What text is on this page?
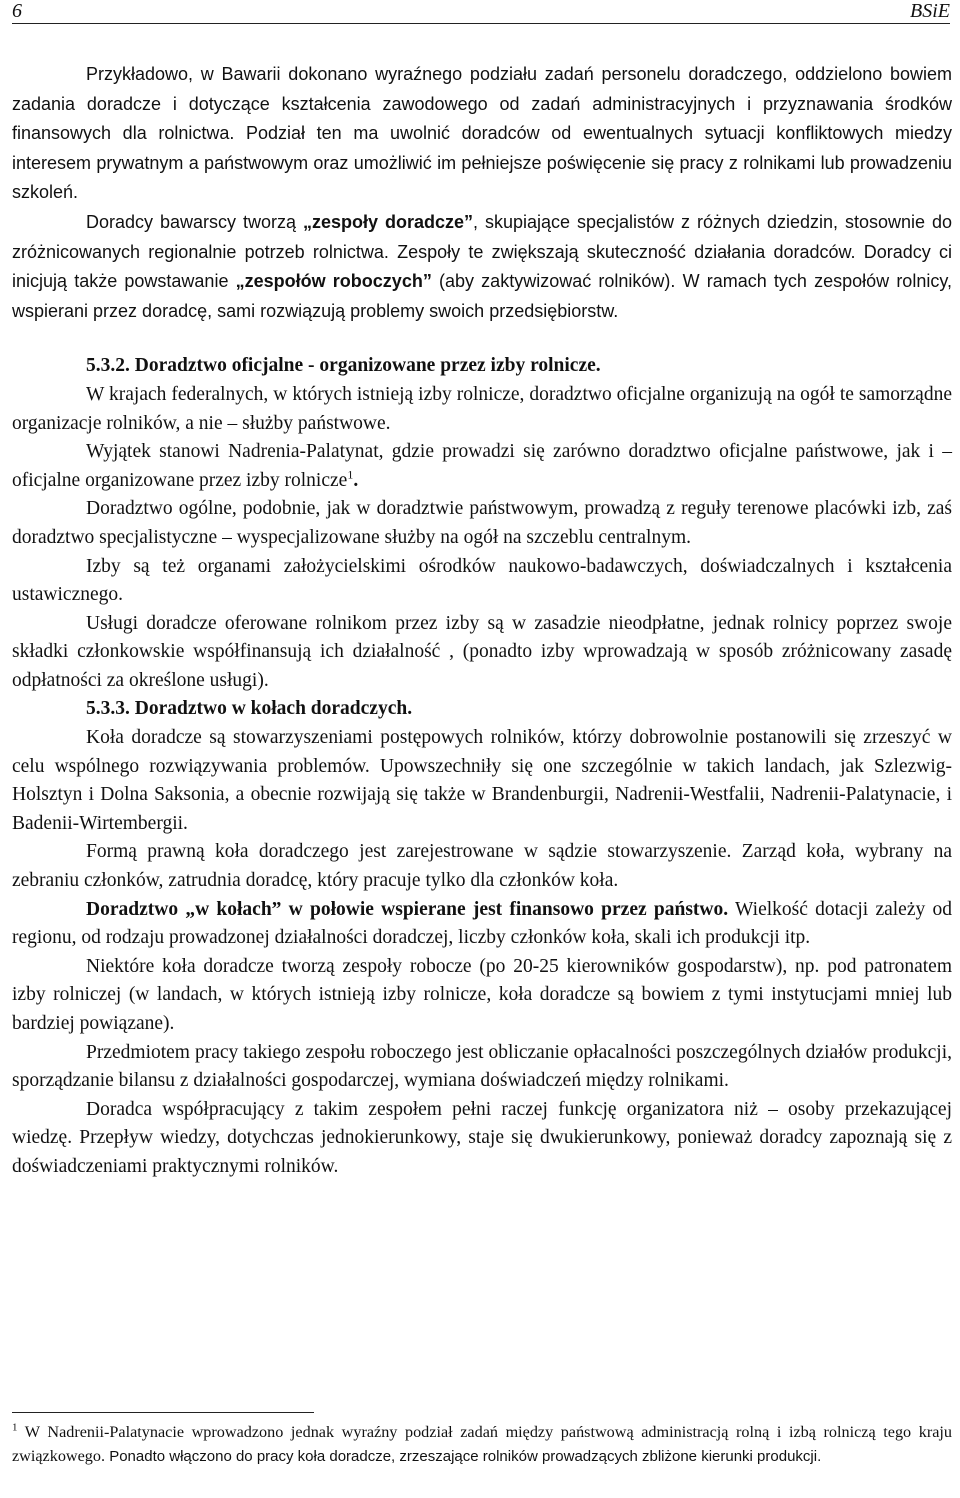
6	BSiE

Przykładowo, w Bawarii dokonano wyraźnego podziału zadań personelu doradczego, oddzielono bowiem zadania doradcze i dotyczące kształcenia zawodowego od zadań administracyjnych i przyznawania środków finansowych dla rolnictwa. Podział ten ma uwolnić doradców od ewentualnych sytuacji konfliktowych miedzy interesem prywatnym a państwowym oraz umożliwić im pełniejsze poświęcenie się pracy z rolnikami lub prowadzeniu szkoleń.

Doradcy bawarscy tworzą „zespoły doradcze”, skupiające specjalistów z różnych dziedzin, stosownie do zróżnicowanych regionalnie potrzeb rolnictwa. Zespoły te zwiększają skuteczność działania doradców. Doradcy ci inicjują także powstawanie „zespołów roboczych” (aby zaktywizować rolników). W ramach tych zespołów rolnicy, wspierani przez doradcę, sami rozwiązują problemy swoich przedsiębiorstw.

5.3.2. Doradztwo oficjalne - organizowane przez izby rolnicze.

W krajach federalnych, w których istnieją izby rolnicze, doradztwo oficjalne organizują na ogół te samorządne organizacje rolników, a nie – służby państwowe.

Wyjątek stanowi Nadrenia-Palatynat, gdzie prowadzi się zarówno doradztwo oficjalne państwowe, jak i – oficjalne organizowane przez izby rolnicze$^1$.

Doradztwo ogólne, podobnie, jak w doradztwie państwowym, prowadzą z reguły terenowe placówki izb, zaś doradztwo specjalistyczne – wyspecjalizowane służby na ogół na szczeblu centralnym.

Izby są też organami założycielskimi ośrodków naukowo-badawczych, doświadczalnych i kształcenia ustawicznego.

Usługi doradcze oferowane rolnikom przez izby są w zasadzie nieodpłatne, jednak rolnicy poprzez swoje składki członkowskie współfinansują ich działalność , (ponadto izby wprowadzają w sposób zróżnicowany zasadę odpłatności za określone usługi).

5.3.3. Doradztwo w kołach doradczych.

Koła doradcze są stowarzyszeniami postępowych rolników, którzy dobrowolnie postanowili się zrzeszyć w celu wspólnego rozwiązywania problemów. Upowszechniły się one szczególnie w takich landach, jak Szlezwig-Holsztyn i Dolna Saksonia, a obecnie rozwijają się także w Brandenburgii, Nadrenii-Westfalii, Nadrenii-Palatynacie, i Badenii-Wirtembergii.

Formą prawną koła doradczego jest zarejestrowane w sądzie stowarzyszenie. Zarząd koła, wybrany na zebraniu członków, zatrudnia doradcę, który pracuje tylko dla członków koła.

Doradztwo „w kołach” w połowie wspierane jest finansowo przez państwo. Wielkość dotacji zależy od regionu, od rodzaju prowadzonej działalności doradczej, liczby członków koła, skali ich produkcji itp.

Niektóre koła doradcze tworzą zespoły robocze (po 20-25 kierowników gospodarstw), np. pod patronatem izby rolniczej (w landach, w których istnieją izby rolnicze, koła doradcze są bowiem z tymi instytucjami mniej lub bardziej powiązane).

Przedmiotem pracy takiego zespołu roboczego jest obliczanie opłacalności poszczególnych działów produkcji, sporządzanie bilansu z działalności gospodarczej, wymiana doświadczeń między rolnikami.

Doradca współpracujący z takim zespołem pełni raczej funkcję organizatora niż – osoby przekazującej wiedzę. Przepływ wiedzy, dotychczas jednokierunkowy, staje się dwukierunkowy, ponieważ doradcy zapoznają się z doświadczeniami praktycznymi rolników.

$^1$ W Nadrenii-Palatynacie wprowadzono jednak wyraźny podział zadań między państwową administracją rolną i izbą rolniczą tego kraju związkowego. Ponadto włączono do pracy koła doradcze, zrzeszające rolników prowadzących zbliżone kierunki produkcji.
